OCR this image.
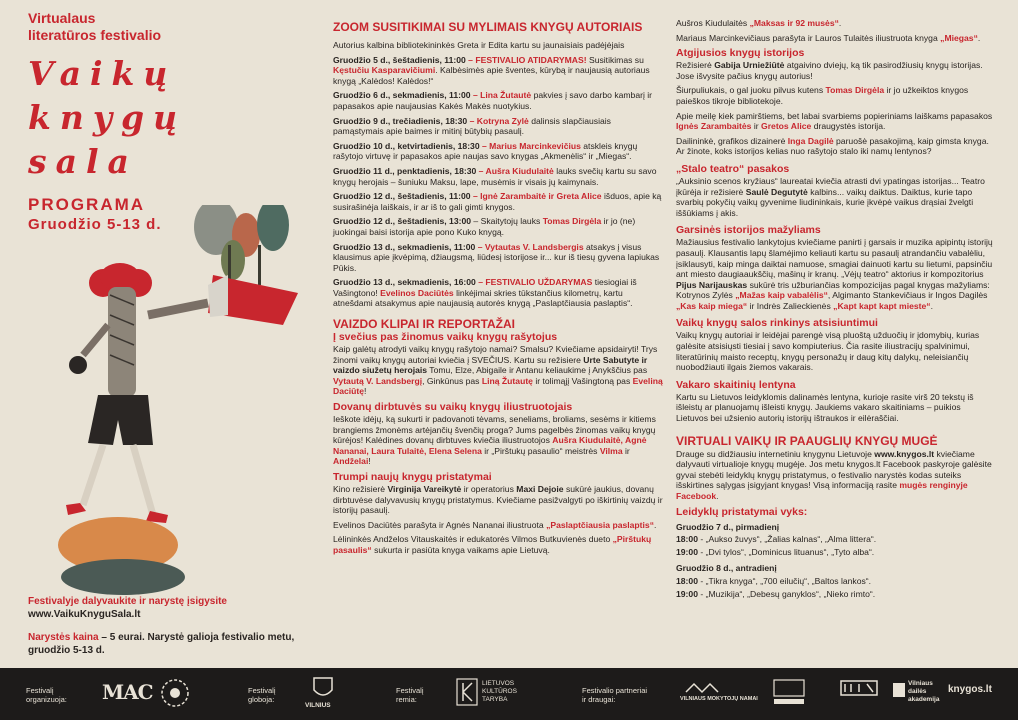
Virtualaus
literatūros festivalio
Vaikų
knygų
sala
PROGRAMA
Gruodžio 5-13 d.
Festivalyje dalyvaukite ir narystę įsigysite
www.VaikuKnyguSala.lt
Narystės kaina – 5 eurai. Narystė galioja festivalio metu, gruodžio 5-13 d.
ZOOM SUSITIKIMAI SU MYLIMAIS KNYGŲ AUTORIAIS
Autorius kalbina bibliotekininkės Greta ir Edita kartu su jaunaisiais padėjėjais
Gruodžio 5 d., šeštadienis, 11:00 – FESTIVALIO ATIDARYMAS! Susitikimas su Kęstučiu Kasparavičiumi. Kalbėsimės apie šventes, kūrybą ir naujausią autoriaus knygą „Kalėdos! Kalėdos!“
Gruodžio 6 d., sekmadienis, 11:00 – Lina Žutautė pakvies į savo darbo kambarį ir papasakos apie naujausias Kakės Makės nuotykius.
Gruodžio 9 d., trečiadienis, 18:30 – Kotryna Zylė dalinsis slapčiausiais pamąstymais apie baimes ir mitinį būtybių pasaulį.
Gruodžio 10 d., ketvirtadienis, 18:30 – Marius Marcinkevičius atskleis knygų rašytojo virtuvę ir papasakos apie naujas savo knygas „Akmenėlis“ ir „Miegas“.
Gruodžio 11 d., penktadienis, 18:30 – Aušra Kiudulaitė lauks svečių kartu su savo knygų herojais – šuniuku Maksu, lape, musėmis ir visais jų kaimynais.
Gruodžio 12 d., šeštadienis, 11:00 – Ignė Zarambaitė ir Greta Alice išduos, apie ką susirašinėja laiškais, ir ar iš to gali gimti knygos.
Gruodžio 12 d., šeštadienis, 13:00 – Skaitytojų lauks Tomas Dirgėla ir jo (ne) juokingai baisi istorija apie pono Kuko knygą.
Gruodžio 13 d., sekmadienis, 11:00 – Vytautas V. Landsbergis atsakys į visus klausimus apie įkvėpimą, džiaugsmą, liūdesį istorijose ir... kur iš tiesų gyvena lapiukas Pūkis.
Gruodžio 13 d., sekmadienis, 16:00 – FESTIVALIO UŽDARYMAS tiesiogiai iš Vašingtono! Evelinos Daciūtės linkėjimai skries tūkstančius kilometrų, kartu atnešdami atsakymus apie naujausią autorės knygą „Paslaptčiausia paslaptis“.
VAIZDO KLIPAI IR REPORTAŽAI
Į svečius pas žinomus vaikų knygų rašytojus
Kaip galėtų atrodyti vaikų knygų rašytojo namai? Smalsu? Kviečiame apsidairyti! Trys žinomi vaikų knygų autoriai kviečia į SVEČIUS. Kartu su režisiere Urte Sabutyte ir vaizdo siužetų herojais Tomu, Elze, Abigaile ir Antanu keliaukime į Anykščius pas Vytautą V. Landsbergį, Ginkūnus pas Liną Žutautę ir tolimąjį Vašingtoną pas Eveliną Daciūtę!
Dovanų dirbtuvės su vaikų knygų iliustruotojais
Ieškote idėjų, ką sukurti ir padovanoti tėvams, seneliams, broliams, sesėms ir kitiems brangiems žmonėms artėjančių švenčių proga? Jums pagelbės žinomas vaikų knygų kūrėjos! Kalėdines dovanų dirbtuves kviečia iliustruotojos Aušra Kiudulaitė, Agnė Nananai, Laura Tulaitė, Elena Selena ir „Pirštukų pasaulio“ meistrės Vilma ir Andželai!
Trumpi naujų knygų pristatymai
Kino režisierė Virginija Vareikytė ir operatorius Maxi Dejoie sukūrė jaukius, dovanų dirbtuvėse dalyvavusių knygų pristatymus. Kviečiame pasižvalgyti po iškirtinių vaizdų ir istorijų pasaulį.
Evelinos Daciūtės parašyta ir Agnės Nananai iliustruota „Paslaptčiausia paslaptis“.
Lėlininkės Andželos Vitauskaitės ir edukatorės Vilmos Butkuvienės dueto „Pirštukų pasaulis“ sukurta ir pasiūta knyga vaikams apie Lietuvą.
Aušros Kiudulaitės „Maksas ir 92 musės“.
Mariaus Marcinkevičiaus parašyta ir Lauros Tulaitės iliustruota knyga „Miegas“.
Atgijusios knygų istorijos
Režisierė Gabija Urniežiūtė atgaivino dviejų, ką tik pasirodžiusių knygų istorijas. Jose išvysite pačius knygų autorius!
Šiurpuliukais, o gal juoku pilvus kutens Tomas Dirgėla ir jo užkeiktos knygos paieškos tikroje bibliotekoje.
Apie meilę kiek pamirštiems, bet labai svarbiems popieriniams laiškams papasakos Ignės Zarambaitės ir Gretos Alice draugystės istorija.
Dailininkė, grafikos dizainerė Inga Dagilė paruošė pasakojimą, kaip gimsta knyga. Ar žinote, koks istorijos kelias nuo rašytojo stalo iki namų lentynos?
„Stalo teatro“ pasakos
„Auksinio scenos kryžiaus“ laureatai kviečia atrasti dvi ypatingas istorijas... Teatro įkūrėja ir režisierė Saulė Degutytė kalbins... vaikų daiktus. Daiktus, kurie tapo svarbių pokyčių vaikų gyvenime liudininkais, kurie įkvėpė vaikus drąsiai žvelgti iššūkiams į akis.
Garsinės istorijos mažyliams
Mažiausius festivalio lankytojus kviečiame panirti į garsais ir muzika apipintų istorijų pasaulį. Klausantis lapų šlamėjimo keliauti kartu su pasaulį atrandančiu vabalėliu, įsiklausyti, kaip minga daiktai namuose, smagiai dainuoti kartu su lietumi, papsinčiu ant miesto daugiaaukščių, mašinų ir kranų. „Vėjų teatro“ aktorius ir kompozitorius Pijus Narijauskas sukūrė tris užburiančias kompozicijas pagal knygas mažyliams: Kotrynos Zylės „Mažas kaip vabalėlis“, Algimanto Stankevičiaus ir Ingos Dagilės „Kas kaip miega“ ir Indrės Zalieckienės „Kapt kapt kapt mieste“.
Vaikų knygų salos rinkinys atsisiuntimui
Vaikų knygų autoriai ir leidėjai parengė visą pluoštą užduočių ir įdomybių, kurias galėsite atsisiųsti tiesiai į savo kompiuterius. Čia rasite iliustracijų spalvinimui, literatūrinių maisto receptų, knygų personažų ir daug kitų dalykų, neleisiančių nuobodžiauti ilgais žiemos vakarais.
Vakaro skaitinių lentyna
Kartu su Lietuvos leidyklomis dalinamės lentyna, kurioje rasite virš 20 tekstų iš išleistų ar planuojamų išleisti knygų. Jaukiems vakaro skaitiniams – puikios Lietuvos bei užsienio autorių istorijų ištraukos ir eilėraščiai.
VIRTUALI VAIKŲ IR PAAUGLIŲ KNYGŲ MUGĖ
Drauge su didžiausiu internetiniu knygynu Lietuvoje www.knygos.lt kviečiame dalyvauti virtualioje knygų mugėje. Jos metu knygos.lt Facebook paskyroje galėsite gyvai stebėti leidyklų knygų pristatymus, o festivalio narystės kodas suteiks išskirtines sąlygas įsigyjant knygas! Visą informaciją rasite mugės renginyje Facebook.
Leidyklų pristatymai vyks:
Gruodžio 7 d., pirmadienį
18:00 - „Aukso žuvys“, „Žalias kalnas“, „Alma littera“.
19:00 - „Dvi tylos“, „Dominicus lituanus“, „Tyto alba“.
Gruodžio 8 d., antradienį
18:00 - „Tikra knyga“, „700 eilučių“, „Baltos lankos“.
19:00 - „Muzikija“, „Debesų ganyklos“, „Nieko rimto“.
Festivalį
organizuoja: MAC	Festivalį
globoja:
VILNIUS
Festivalį
remia:
LIETUVOS
KULTŪROS
TARYBA
Festivalio partneriai
ir draugai:	VILNIAUS MOKYTOJŲ NAMAI
Vilniaus
dailės
akademija
knygos.lt
